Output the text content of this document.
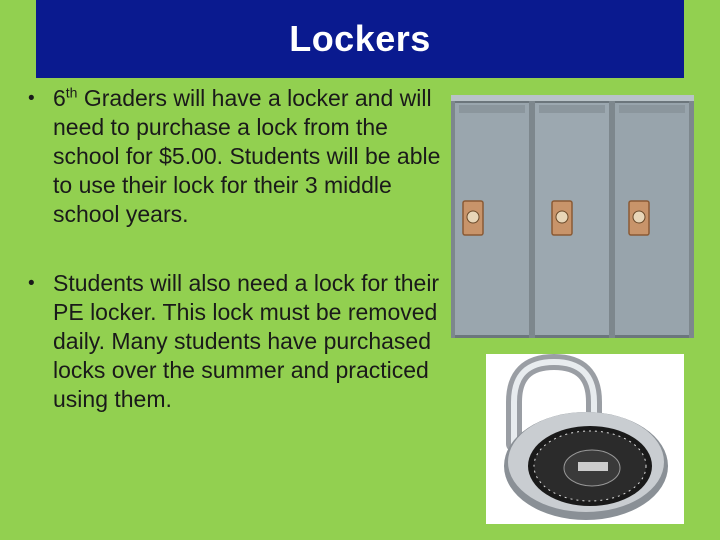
Lockers
• 6th Graders will have a locker and will need to purchase a lock from the school for $5.00. Students will be able to use their lock for their 3 middle school years.
• Students will also need a lock for their PE locker. This lock must be removed daily. Many students have purchased locks over the summer and practiced using them.
